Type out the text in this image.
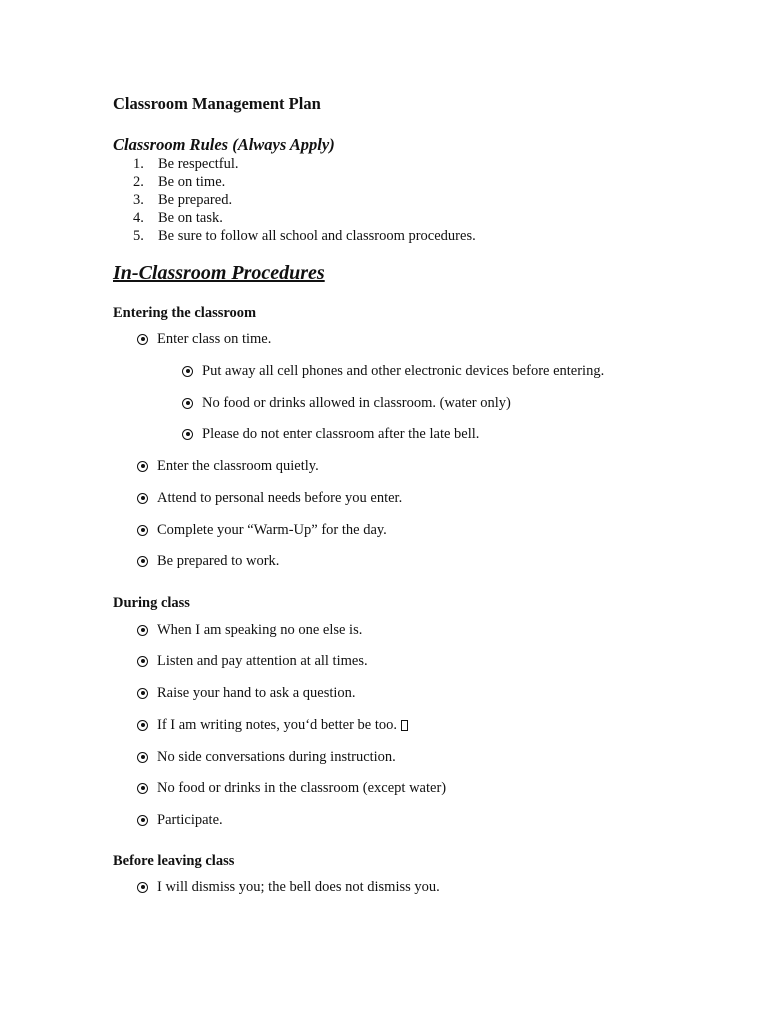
Classroom Management Plan
Classroom Rules (Always Apply)
1. Be respectful.
2. Be on time.
3. Be prepared.
4. Be on task.
5. Be sure to follow all school and classroom procedures.
In-Classroom Procedures
Entering the classroom
Enter class on time.
Put away all cell phones and other electronic devices before entering.
No food or drinks allowed in classroom. (water only)
Please do not enter classroom after the late bell.
Enter the classroom quietly.
Attend to personal needs before you enter.
Complete your “Warm-Up” for the day.
Be prepared to work.
During class
When I am speaking no one else is.
Listen and pay attention at all times.
Raise your hand to ask a question.
If I am writing notes, you‘d better be too.
No side conversations during instruction.
No food or drinks in the classroom (except water)
Participate.
Before leaving class
I will dismiss you; the bell does not dismiss you.
